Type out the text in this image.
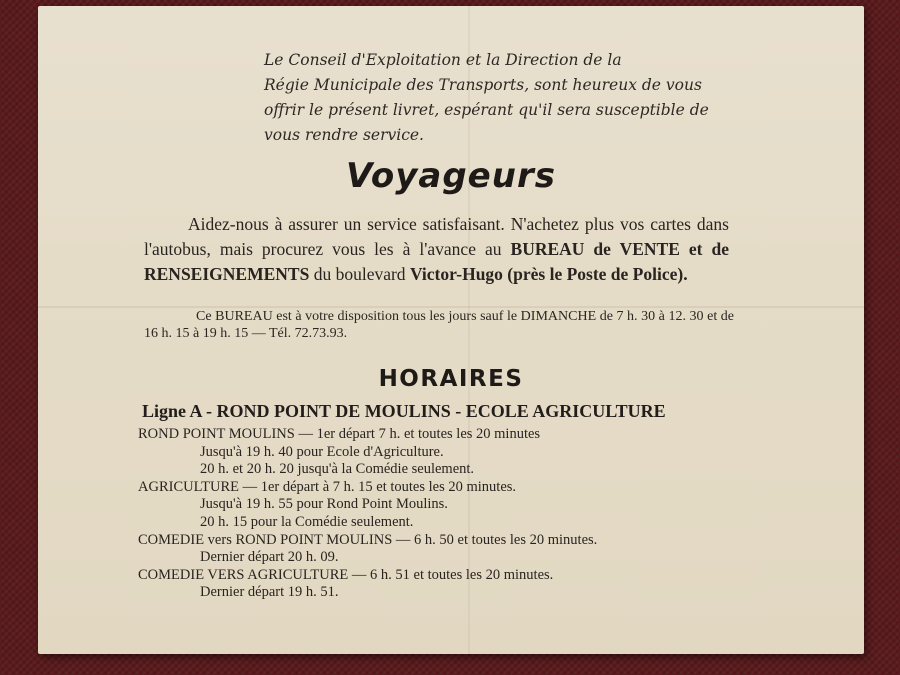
Le Conseil d'Exploitation et la Direction de la
Régie Municipale des Transports, sont heureux de vous
offrir le présent livret, espérant qu'il sera susceptible de
vous rendre service.
Voyageurs
Aidez-nous à assurer un service satisfaisant. N'achetez plus vos cartes dans l'autobus, mais procurez vous les à l'avance au BUREAU de VENTE et de RENSEIGNEMENTS du boulevard Victor-Hugo (près le Poste de Police).
Ce BUREAU est à votre disposition tous les jours sauf le DIMANCHE de 7 h. 30 à 12. 30 et de 16 h. 15 à 19 h. 15 — Tél. 72.73.93.
HORAIRES
Ligne A - ROND POINT DE MOULINS - ECOLE AGRICULTURE
ROND POINT MOULINS — 1er départ 7 h. et toutes les 20 minutes
Jusqu'à 19 h. 40 pour Ecole d'Agriculture.
20 h. et 20 h. 20 jusqu'à la Comédie seulement.
AGRICULTURE — 1er départ à 7 h. 15 et toutes les 20 minutes.
Jusqu'à 19 h. 55 pour Rond Point Moulins.
20 h. 15 pour la Comédie seulement.
COMEDIE vers ROND POINT MOULINS — 6 h. 50 et toutes les 20 minutes.
Dernier départ 20 h. 09.
COMEDIE VERS AGRICULTURE — 6 h. 51 et toutes les 20 minutes.
Dernier départ 19 h. 51.
